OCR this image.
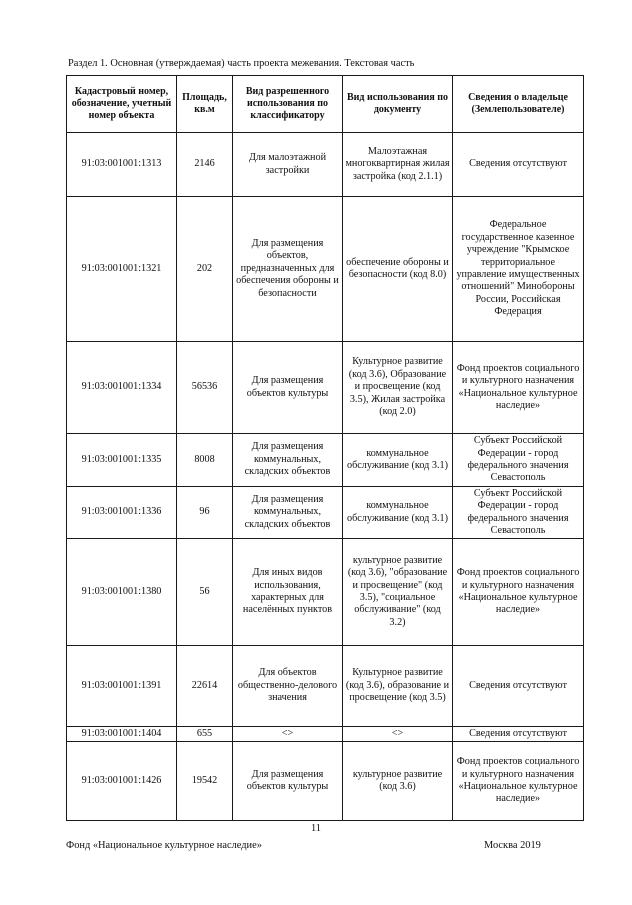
Раздел 1. Основная (утверждаемая) часть проекта межевания. Текстовая часть
Кадастровый номер, обозначение, учетный номер объекта	Площадь, кв.м	Вид разрешенного использования по классификатору	Вид использования по документу	Сведения о владельце (Землепользователе)
91:03:001001:1313	2146	Для малоэтажной застройки	Малоэтажная многоквартирная жилая застройка (код 2.1.1)	Сведения отсутствуют
91:03:001001:1321	202	Для размещения объектов, предназначенных для обеспечения обороны и безопасности	обеспечение обороны и безопасности (код 8.0)	Федеральное государственное казенное учреждение "Крымское территориальное управление имущественных отношений" Минобороны России, Российская Федерация
91:03:001001:1334	56536	Для размещения объектов культуры	Культурное развитие (код 3.6), Образование и просвещение (код 3.5), Жилая застройка (код 2.0)	Фонд проектов социального и культурного назначения «Национальное культурное наследие»
91:03:001001:1335	8008	Для размещения коммунальных, складских объектов	коммунальное обслуживание (код 3.1)	Субъект Российской Федерации - город федерального значения Севастополь
91:03:001001:1336	96	Для размещения коммунальных, складских объектов	коммунальное обслуживание (код 3.1)	Субъект Российской Федерации - город федерального значения Севастополь
91:03:001001:1380	56	Для иных видов использования, характерных для населённых пунктов	культурное развитие (код 3.6), "образование и просвещение" (код 3.5), "социальное обслуживание" (код 3.2)	Фонд проектов социального и культурного назначения «Национальное культурное наследие»
91:03:001001:1391	22614	Для объектов общественно-делового значения	Культурное развитие (код 3.6), образование и просвещение (код 3.5)	Сведения отсутствуют
91:03:001001:1404	655	<>	<>	Сведения отсутствуют
91:03:001001:1426	19542	Для размещения объектов культуры	культурное развитие (код 3.6)	Фонд проектов социального и культурного назначения «Национальное культурное наследие»
11
Фонд «Национальное культурное наследие»	Москва 2019
